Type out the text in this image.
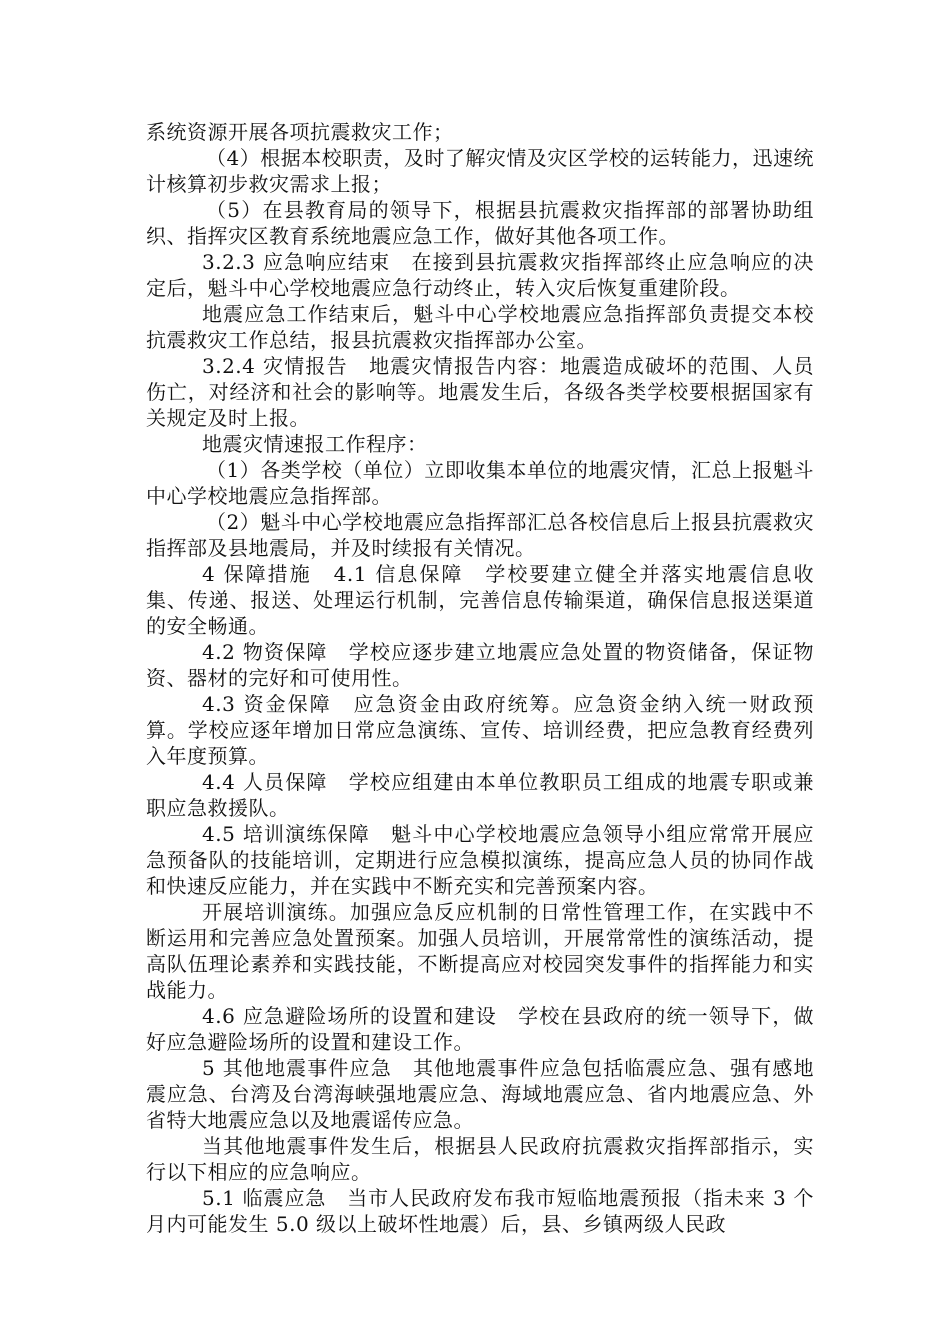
系统资源开展各项抗震救灾工作；

（4）根据本校职责，及时了解灾情及灾区学校的运转能力，迅速统计核算初步救灾需求上报；

（5）在县教育局的领导下，根据县抗震救灾指挥部的部署协助组织、指挥灾区教育系统地震应急工作，做好其他各项工作。

3.2.3 应急响应结束　在接到县抗震救灾指挥部终止应急响应的决定后，魁斗中心学校地震应急行动终止，转入灾后恢复重建阶段。

地震应急工作结束后，魁斗中心学校地震应急指挥部负责提交本校抗震救灾工作总结，报县抗震救灾指挥部办公室。

3.2.4 灾情报告　地震灾情报告内容：地震造成破坏的范围、人员伤亡，对经济和社会的影响等。地震发生后，各级各类学校要根据国家有关规定及时上报。

地震灾情速报工作程序：

（1）各类学校（单位）立即收集本单位的地震灾情，汇总上报魁斗中心学校地震应急指挥部。

（2）魁斗中心学校地震应急指挥部汇总各校信息后上报县抗震救灾指挥部及县地震局，并及时续报有关情况。

4 保障措施　4.1 信息保障　学校要建立健全并落实地震信息收集、传递、报送、处理运行机制，完善信息传输渠道，确保信息报送渠道的安全畅通。

4.2 物资保障　学校应逐步建立地震应急处置的物资储备，保证物资、器材的完好和可使用性。

4.3 资金保障　应急资金由政府统筹。应急资金纳入统一财政预算。学校应逐年增加日常应急演练、宣传、培训经费，把应急教育经费列入年度预算。

4.4 人员保障　学校应组建由本单位教职员工组成的地震专职或兼职应急救援队。

4.5 培训演练保障　魁斗中心学校地震应急领导小组应常常开展应急预备队的技能培训，定期进行应急模拟演练，提高应急人员的协同作战和快速反应能力，并在实践中不断充实和完善预案内容。

开展培训演练。加强应急反应机制的日常性管理工作，在实践中不断运用和完善应急处置预案。加强人员培训，开展常常性的演练活动，提高队伍理论素养和实践技能，不断提高应对校园突发事件的指挥能力和实战能力。

4.6 应急避险场所的设置和建设　学校在县政府的统一领导下，做好应急避险场所的设置和建设工作。

5 其他地震事件应急　其他地震事件应急包括临震应急、强有感地震应急、台湾及台湾海峡强地震应急、海域地震应急、省内地震应急、外省特大地震应急以及地震谣传应急。

当其他地震事件发生后，根据县人民政府抗震救灾指挥部指示，实行以下相应的应急响应。

5.1 临震应急　当市人民政府发布我市短临地震预报（指未来 3 个月内可能发生 5.0 级以上破坏性地震）后，县、乡镇两级人民政
